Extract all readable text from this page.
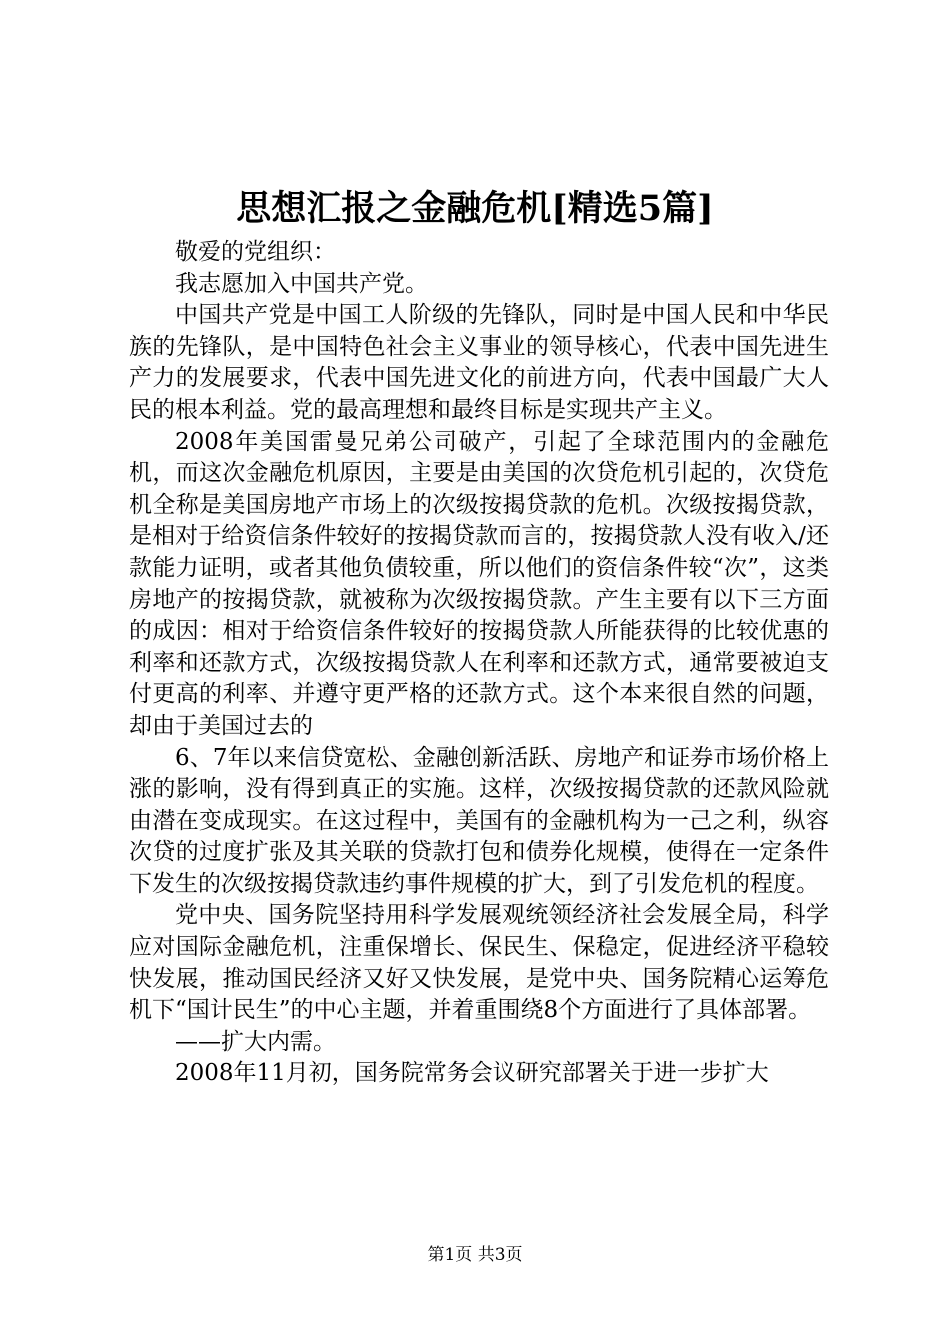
思想汇报之金融危机[精选5篇]

敬爱的党组织：

我志愿加入中国共产党。

中国共产党是中国工人阶级的先锋队，同时是中国人民和中华民族的先锋队，是中国特色社会主义事业的领导核心，代表中国先进生产力的发展要求，代表中国先进文化的前进方向，代表中国最广大人民的根本利益。党的最高理想和最终目标是实现共产主义。

2008年美国雷曼兄弟公司破产，引起了全球范围内的金融危机，而这次金融危机原因，主要是由美国的次贷危机引起的，次贷危机全称是美国房地产市场上的次级按揭贷款的危机。次级按揭贷款，是相对于给资信条件较好的按揭贷款而言的，按揭贷款人没有收入/还款能力证明，或者其他负债较重，所以他们的资信条件较“次”，这类房地产的按揭贷款，就被称为次级按揭贷款。产生主要有以下三方面的成因：相对于给资信条件较好的按揭贷款人所能获得的比较优惠的利率和还款方式，次级按揭贷款人在利率和还款方式，通常要被迫支付更高的利率、并遵守更严格的还款方式。这个本来很自然的问题，却由于美国过去的

6、7年以来信贷宽松、金融创新活跃、房地产和证券市场价格上涨的影响，没有得到真正的实施。这样，次级按揭贷款的还款风险就由潜在变成现实。在这过程中，美国有的金融机构为一己之利，纵容次贷的过度扩张及其关联的贷款打包和债券化规模，使得在一定条件下发生的次级按揭贷款违约事件规模的扩大，到了引发危机的程度。

党中央、国务院坚持用科学发展观统领经济社会发展全局，科学应对国际金融危机，注重保增长、保民生、保稳定，促进经济平稳较快发展，推动国民经济又好又快发展，是党中央、国务院精心运筹危机下“国计民生”的中心主题，并着重围绕8个方面进行了具体部署。

——扩大内需。

2008年11月初，国务院常务会议研究部署关于进一步扩大

第1页 共3页
